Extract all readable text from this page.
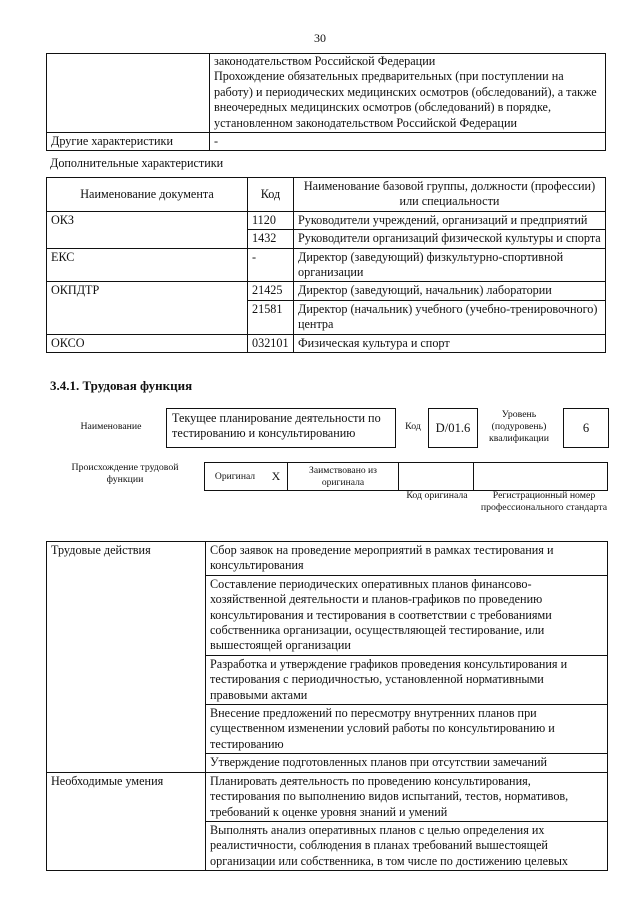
30

	законодательством Российской Федерации
Прохождение обязательных предварительных (при поступлении на работу) и периодических медицинских осмотров (обследований), а также внеочередных медицинских осмотров (обследований) в порядке, установленном законодательством Российской Федерации

Другие характеристики	-
Дополнительные характеристики
Наименование документа	Код	Наименование базовой группы, должности (профессии) или специальности
ОКЗ	1120	Руководители учреждений, организаций и предприятий
	1432	Руководители организаций физической культуры и спорта
ЕКС	-	Директор (заведующий) физкультурно-спортивной организации
ОКПДТР	21425	Директор (заведующий, начальник) лаборатории
	21581	Директор (начальник) учебного (учебно-тренировочного) центра
ОКСО	032101	Физическая культура и спорт
3.4.1. Трудовая функция
Наименование
Текущее планирование деятельности по тестированию и консультированию	Код	D/01.6
Уровень (подуровень) квалификации
6
Происхождение трудовой функции	Оригинал	X	Заимствовано из оригинала		
Код оригинала	Регистрационный номер профессионального стандарта
Трудовые действия	Сбор заявок на проведение мероприятий в рамках тестирования и консультирования
	Составление периодических оперативных планов финансово-хозяйственной деятельности и планов-графиков по проведению консультирования и тестирования в соответствии с требованиями собственника организации, осуществляющей тестирование, или вышестоящей организации
	Разработка и утверждение графиков проведения консультирования и тестирования с периодичностью, установленной нормативными правовыми актами
	Внесение предложений по пересмотру внутренних планов при существенном изменении условий работы по консультированию и тестированию
	Утверждение подготовленных планов при отсутствии замечаний
Необходимые умения	Планировать деятельность по проведению консультирования, тестирования по выполнению видов испытаний, тестов, нормативов, требований к оценке уровня знаний и умений
	Выполнять анализ оперативных планов с целью определения их реалистичности, соблюдения в планах требований вышестоящей организации или собственника, в том числе по достижению целевых
